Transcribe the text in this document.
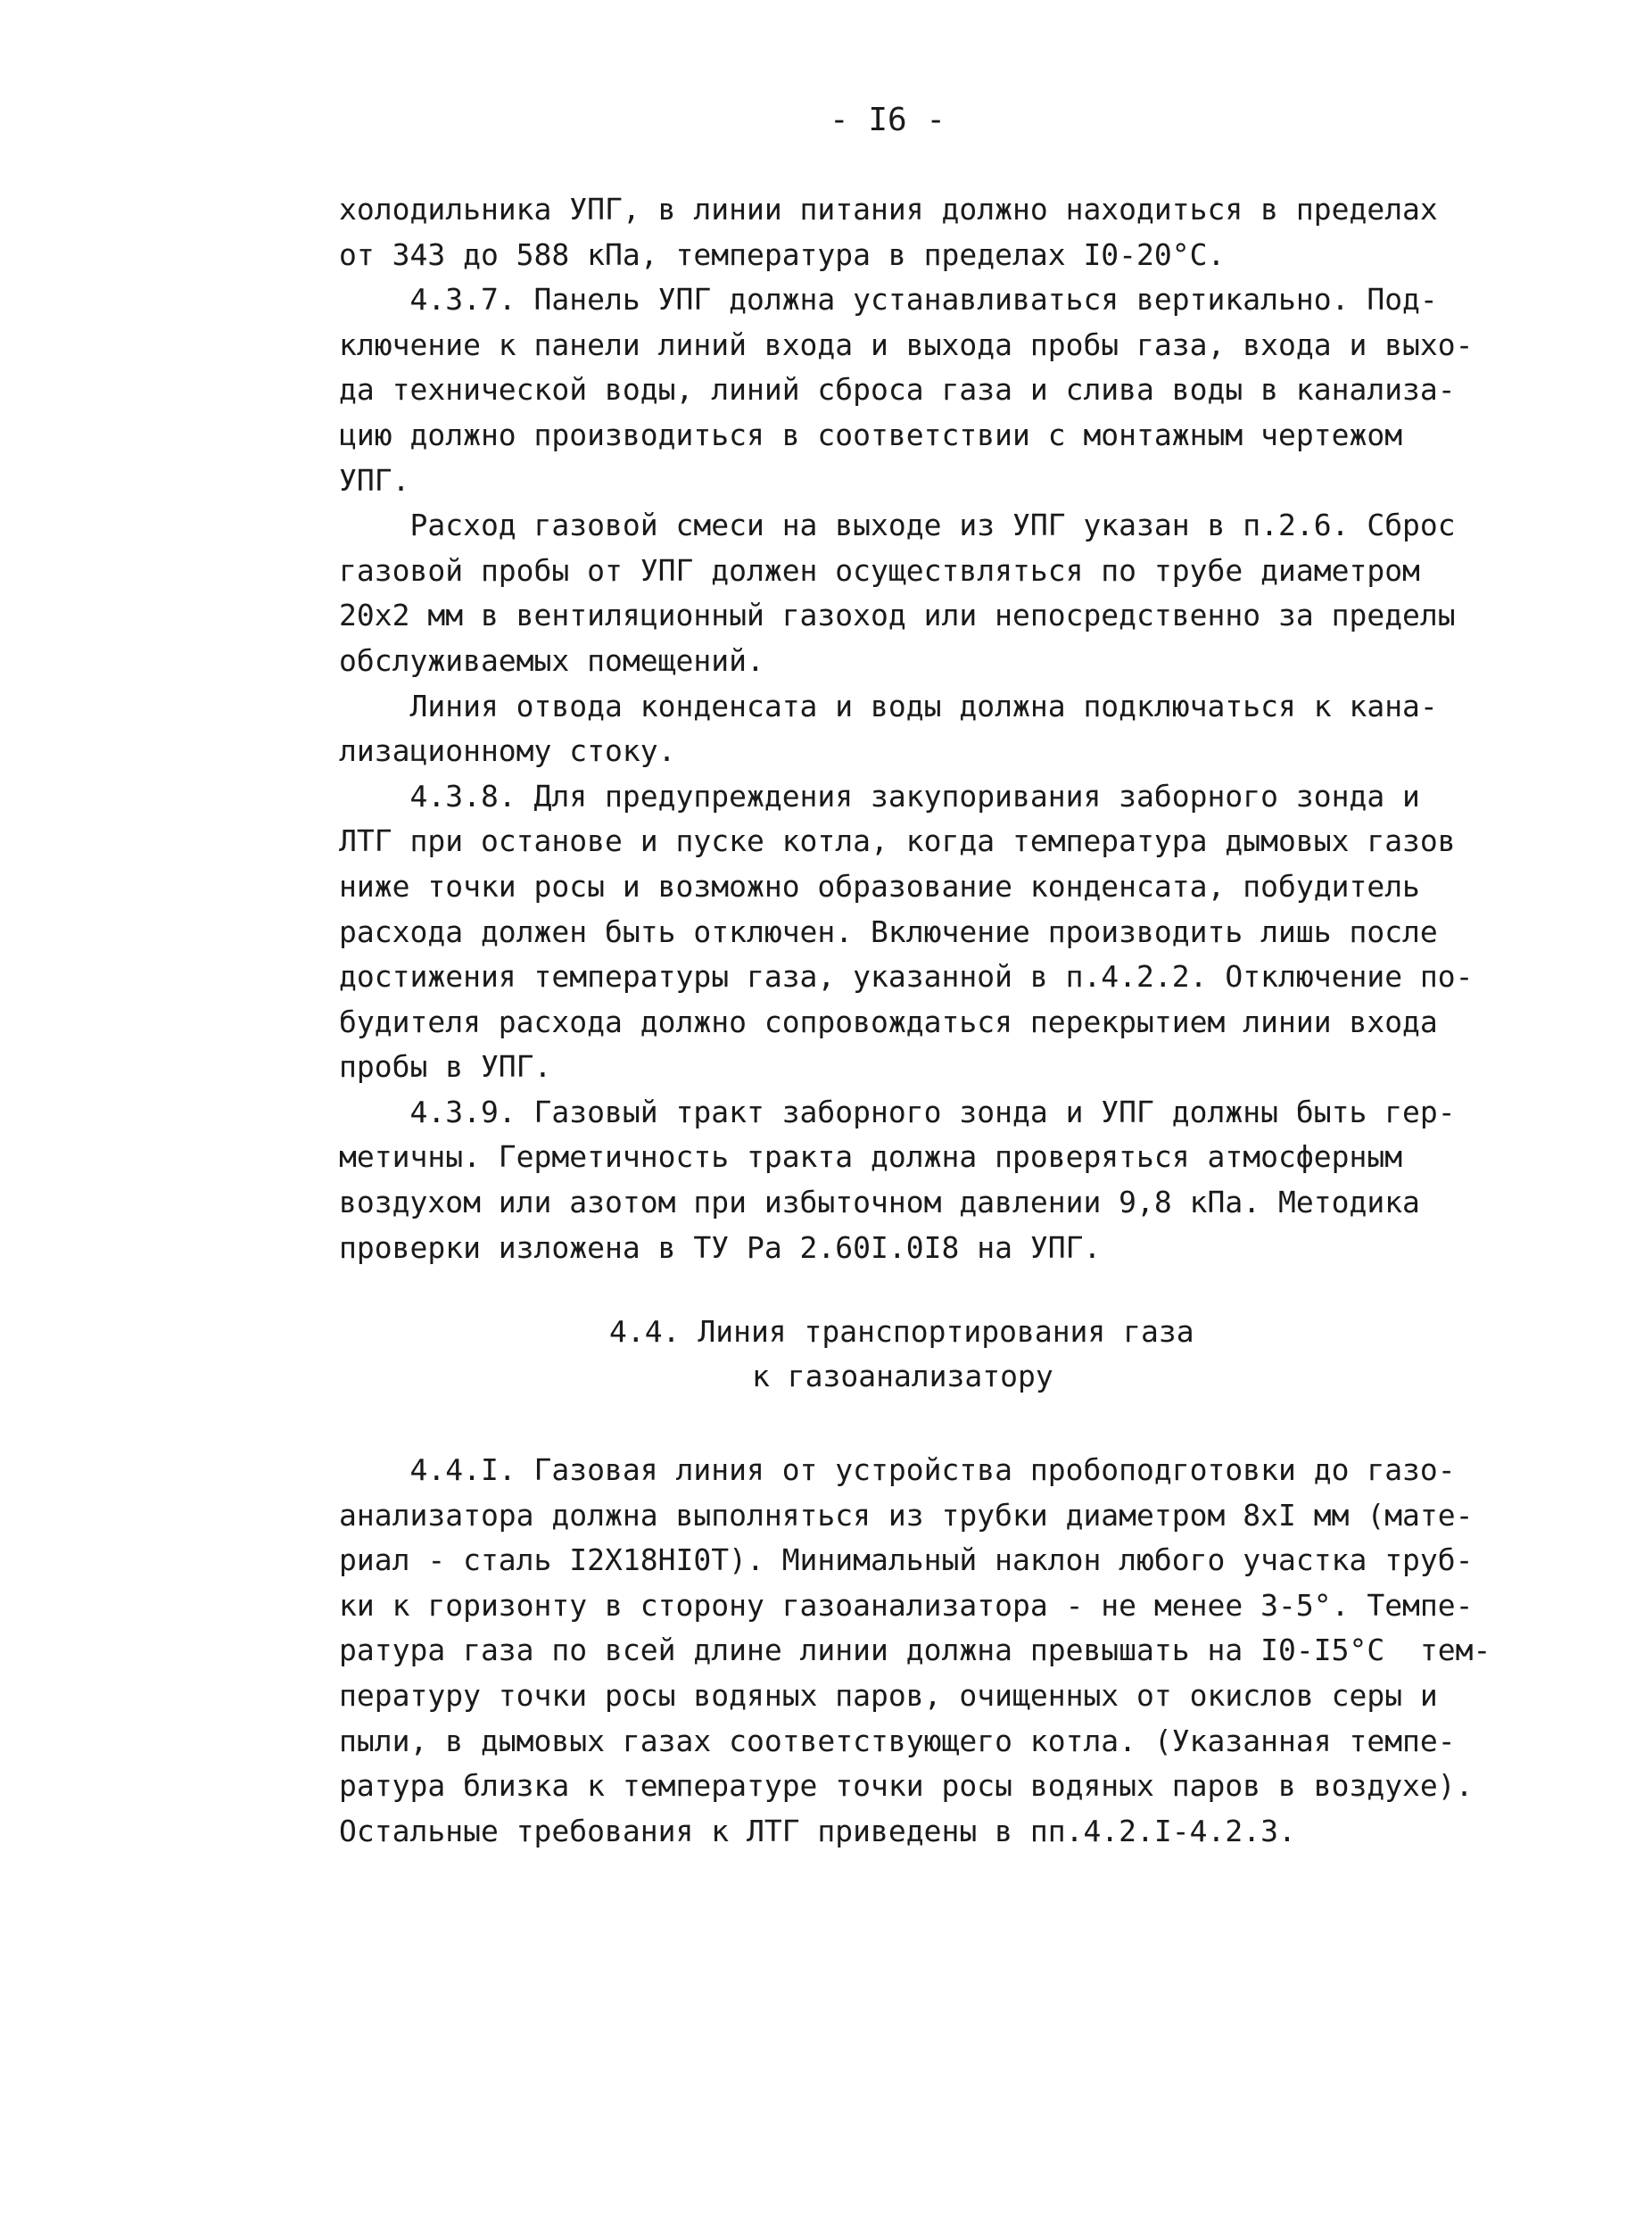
- I6 -

холодильника УПГ, в линии питания должно находиться в пределах
от 343 до 588 кПа, температура в пределах I0-20°С.

4.3.7. Панель УПГ должна устанавливаться вертикально. Под-
ключение к панели линий входа и выхода пробы газа, входа и выхо-
да технической воды, линий сброса газа и слива воды в канализа-
цию должно производиться в соответствии с монтажным чертежом
УПГ.

Расход газовой смеси на выходе из УПГ указан в п.2.6. Сброс
газовой пробы от УПГ должен осуществляться по трубе диаметром
20х2 мм в вентиляционный газоход или непосредственно за пределы
обслуживаемых помещений.

Линия отвода конденсата и воды должна подключаться к кана-
лизационному стоку.

4.3.8. Для предупреждения закупоривания заборного зонда и
ЛТГ при останове и пуске котла, когда температура дымовых газов
ниже точки росы и возможно образование конденсата, побудитель
расхода должен быть отключен. Включение производить лишь после
достижения температуры газа, указанной в п.4.2.2. Отключение по-
будителя расхода должно сопровождаться перекрытием линии входа
пробы в УПГ.

4.3.9. Газовый тракт заборного зонда и УПГ должны быть гер-
метичны. Герметичность тракта должна проверяться атмосферным
воздухом или азотом при избыточном давлении 9,8 кПа. Методика
проверки изложена в ТУ Ра 2.60I.0I8 на УПГ.

4.4. Линия транспортирования газа

к газоанализатору

4.4.I. Газовая линия от устройства пробоподготовки до газо-
анализатора должна выполняться из трубки диаметром 8хI мм (мате-
риал - сталь I2Х18НI0Т). Минимальный наклон любого участка труб-
ки к горизонту в сторону газоанализатора - не менее 3-5°. Темпе-
ратура газа по всей длине линии должна превышать на I0-I5°С  тем-
пературу точки росы водяных паров, очищенных от окислов серы и
пыли, в дымовых газах соответствующего котла. (Указанная темпе-
ратура близка к температуре точки росы водяных паров в воздухе).
Остальные требования к ЛТГ приведены в пп.4.2.I-4.2.3.
